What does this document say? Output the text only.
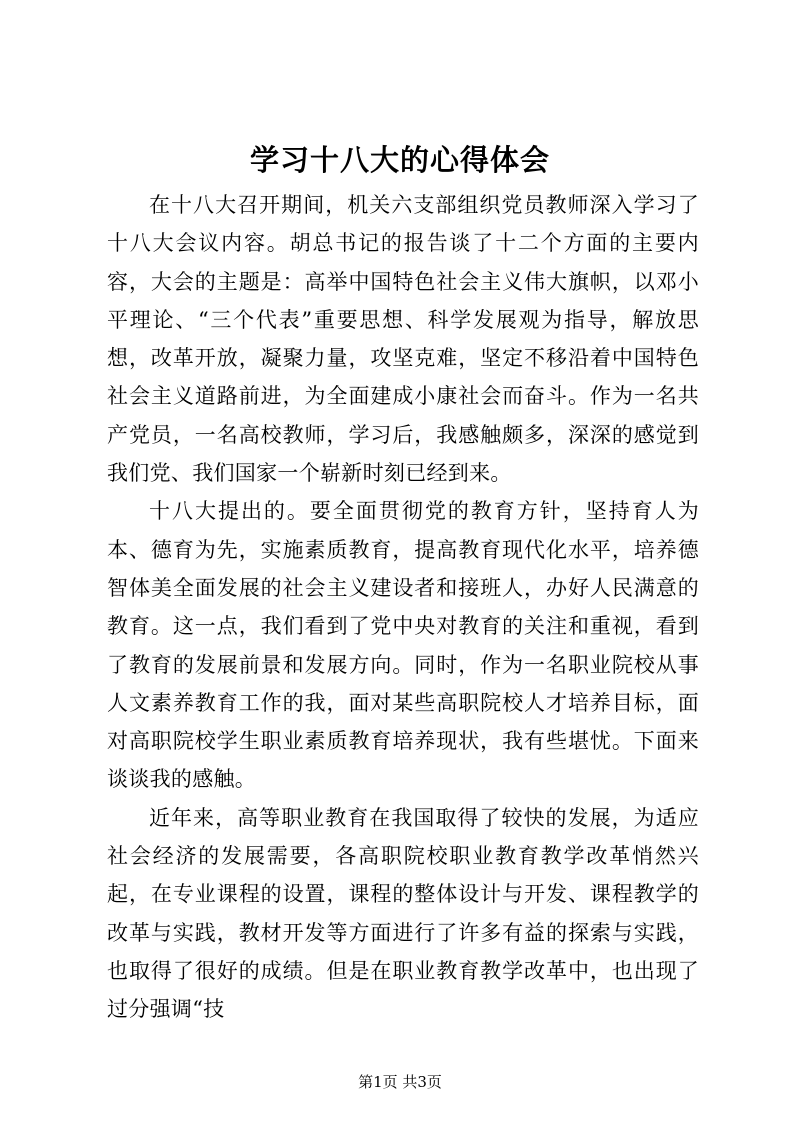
学习十八大的心得体会

在十八大召开期间，机关六支部组织党员教师深入学习了十八大会议内容。胡总书记的报告谈了十二个方面的主要内容，大会的主题是：高举中国特色社会主义伟大旗帜，以邓小平理论、“三个代表”重要思想、科学发展观为指导，解放思想，改革开放，凝聚力量，攻坚克难，坚定不移沿着中国特色社会主义道路前进，为全面建成小康社会而奋斗。作为一名共产党员，一名高校教师，学习后，我感触颇多，深深的感觉到我们党、我们国家一个崭新时刻已经到来。

十八大提出的。要全面贯彻党的教育方针，坚持育人为本、德育为先，实施素质教育，提高教育现代化水平，培养德智体美全面发展的社会主义建设者和接班人，办好人民满意的教育。这一点，我们看到了党中央对教育的关注和重视，看到了教育的发展前景和发展方向。同时，作为一名职业院校从事人文素养教育工作的我，面对某些高职院校人才培养目标，面对高职院校学生职业素质教育培养现状，我有些堪忧。下面来谈谈我的感触。

近年来，高等职业教育在我国取得了较快的发展，为适应社会经济的发展需要，各高职院校职业教育教学改革悄然兴起，在专业课程的设置，课程的整体设计与开发、课程教学的改革与实践，教材开发等方面进行了许多有益的探索与实践，也取得了很好的成绩。但是在职业教育教学改革中，也出现了过分强调“技

第1页 共3页
